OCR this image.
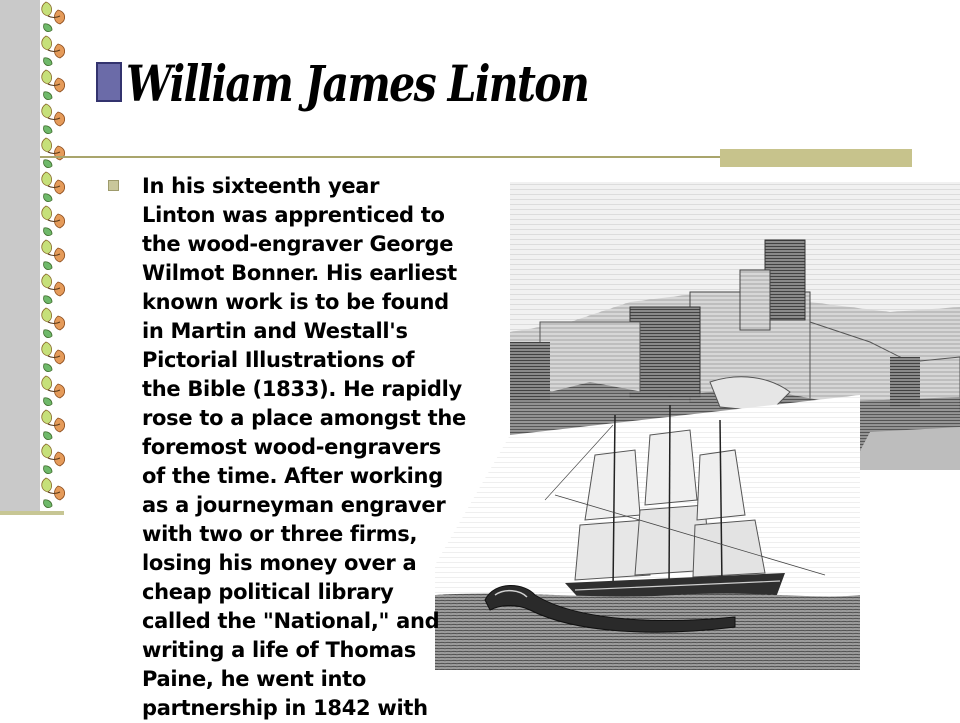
William James Linton

In his sixteenth year
Linton was apprenticed to
the wood-engraver George
Wilmot Bonner. His earliest
known work is to be found
in Martin and Westall's
Pictorial Illustrations of
the Bible (1833). He rapidly
rose to a place amongst the
foremost wood-engravers
of the time. After working
as a journeyman engraver
with two or three firms,
losing his money over a
cheap political library
called the "National," and
writing a life of Thomas
Paine, he went into
partnership in 1842 with
